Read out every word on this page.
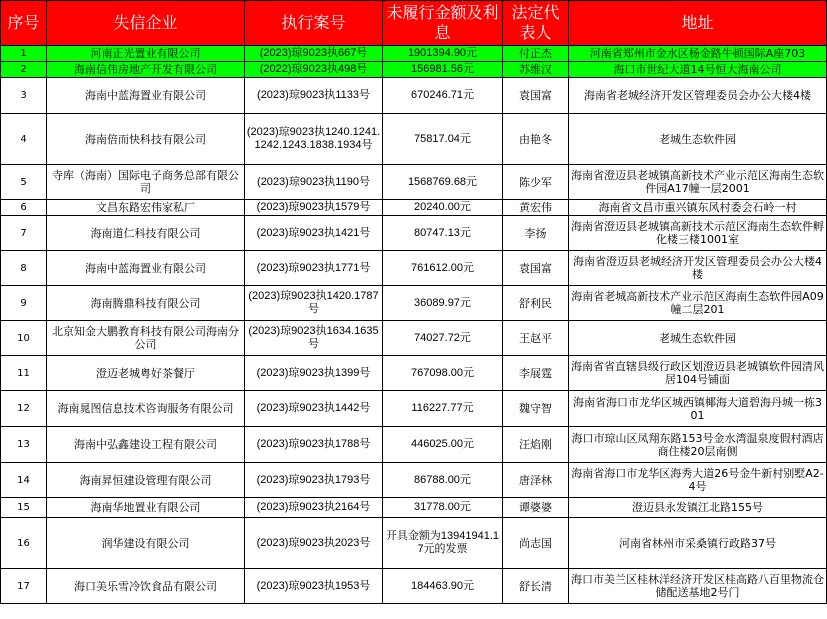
序号	失信企业	执行案号	未履行金额及利息	法定代表人	地址
1	河南正光置业有限公司	(2023)琼9023执667号	1901394.90元	付正杰	河南省郑州市金水区杨金路牛顿国际A座703
2	海南信伟房地产开发有限公司	(2022)琼9023执498号	156981.56元	苏维汉	海口市世纪大道14号恒大海南公司
3	海南中蓝海置业有限公司	(2023)琼9023执1133号	670246.71元	袁国富	海南省老城经济开发区管理委员会办公大楼4楼
4	海南倍而快科技有限公司	(2023)琼9023执1240.1241.1242.1243.1838.1934号	75817.04元	由艳冬	老城生态软件园
5	寺库（海南）国际电子商务总部有限公司	(2023)琼9023执1190号	1568769.68元	陈少军	海南省澄迈县老城镇高新技术产业示范区海南生态软件园A17幢一层2001
6	文昌东路宏伟家私厂	(2023)琼9023执1579号	20240.00元	黄宏伟	海南省文昌市重兴镇东风村委会石岭一村
7	海南道仁科技有限公司	(2023)琼9023执1421号	80747.13元	李扬	海南省澄迈县老城镇高新技术示范区海南生态软件孵化楼三楼1001室
8	海南中蓝海置业有限公司	(2023)琼9023执1771号	761612.00元	袁国富	海南省澄迈县老城经济开发区管理委员会办公大楼4楼
9	海南腾鼎科技有限公司	(2023)琼9023执1420.1787号	36089.97元	舒利民	海南省老城高新技术产业示范区海南生态软件园A09幢二层201
10	北京知金大鹏教育科技有限公司海南分公司	(2023)琼9023执1634.1635号	74027.72元	王赵平	老城生态软件园
11	澄迈老城粤好茶餐厅	(2023)琼9023执1399号	767098.00元	李展霆	海南省省直辖县级行政区划澄迈县老城镇软件园清风居104号铺面
12	海南晁图信息技术咨询服务有限公司	(2023)琼9023执1442号	116227.77元	魏守智	海南省海口市龙华区城西镇椰海大道碧海丹城一栋301
13	海南中弘鑫建设工程有限公司	(2023)琼9023执1788号	446025.00元	汪焰刚	海口市琼山区凤翔东路153号金水湾温泉度假村酒店商住楼20层南侧
14	海南昇恒建设管理有限公司	(2023)琼9023执1793号	86788.00元	唐泽林	海南省海口市龙华区海秀大道26号金牛新村别墅A2-4号
15	海南华地置业有限公司	(2023)琼9023执2164号	31778.00元	谭婆婆	澄迈县永发镇江北路155号
16	润华建设有限公司	(2023)琼9023执2023号	开具金额为13941941.17元的发票	尚志国	河南省林州市采桑镇行政路37号
17	海口美乐雪冷饮食品有限公司	(2023)琼9023执1953号	184463.90元	舒长清	海口市美兰区桂林洋经济开发区桂高路八百里物流仓储配送基地2号门
